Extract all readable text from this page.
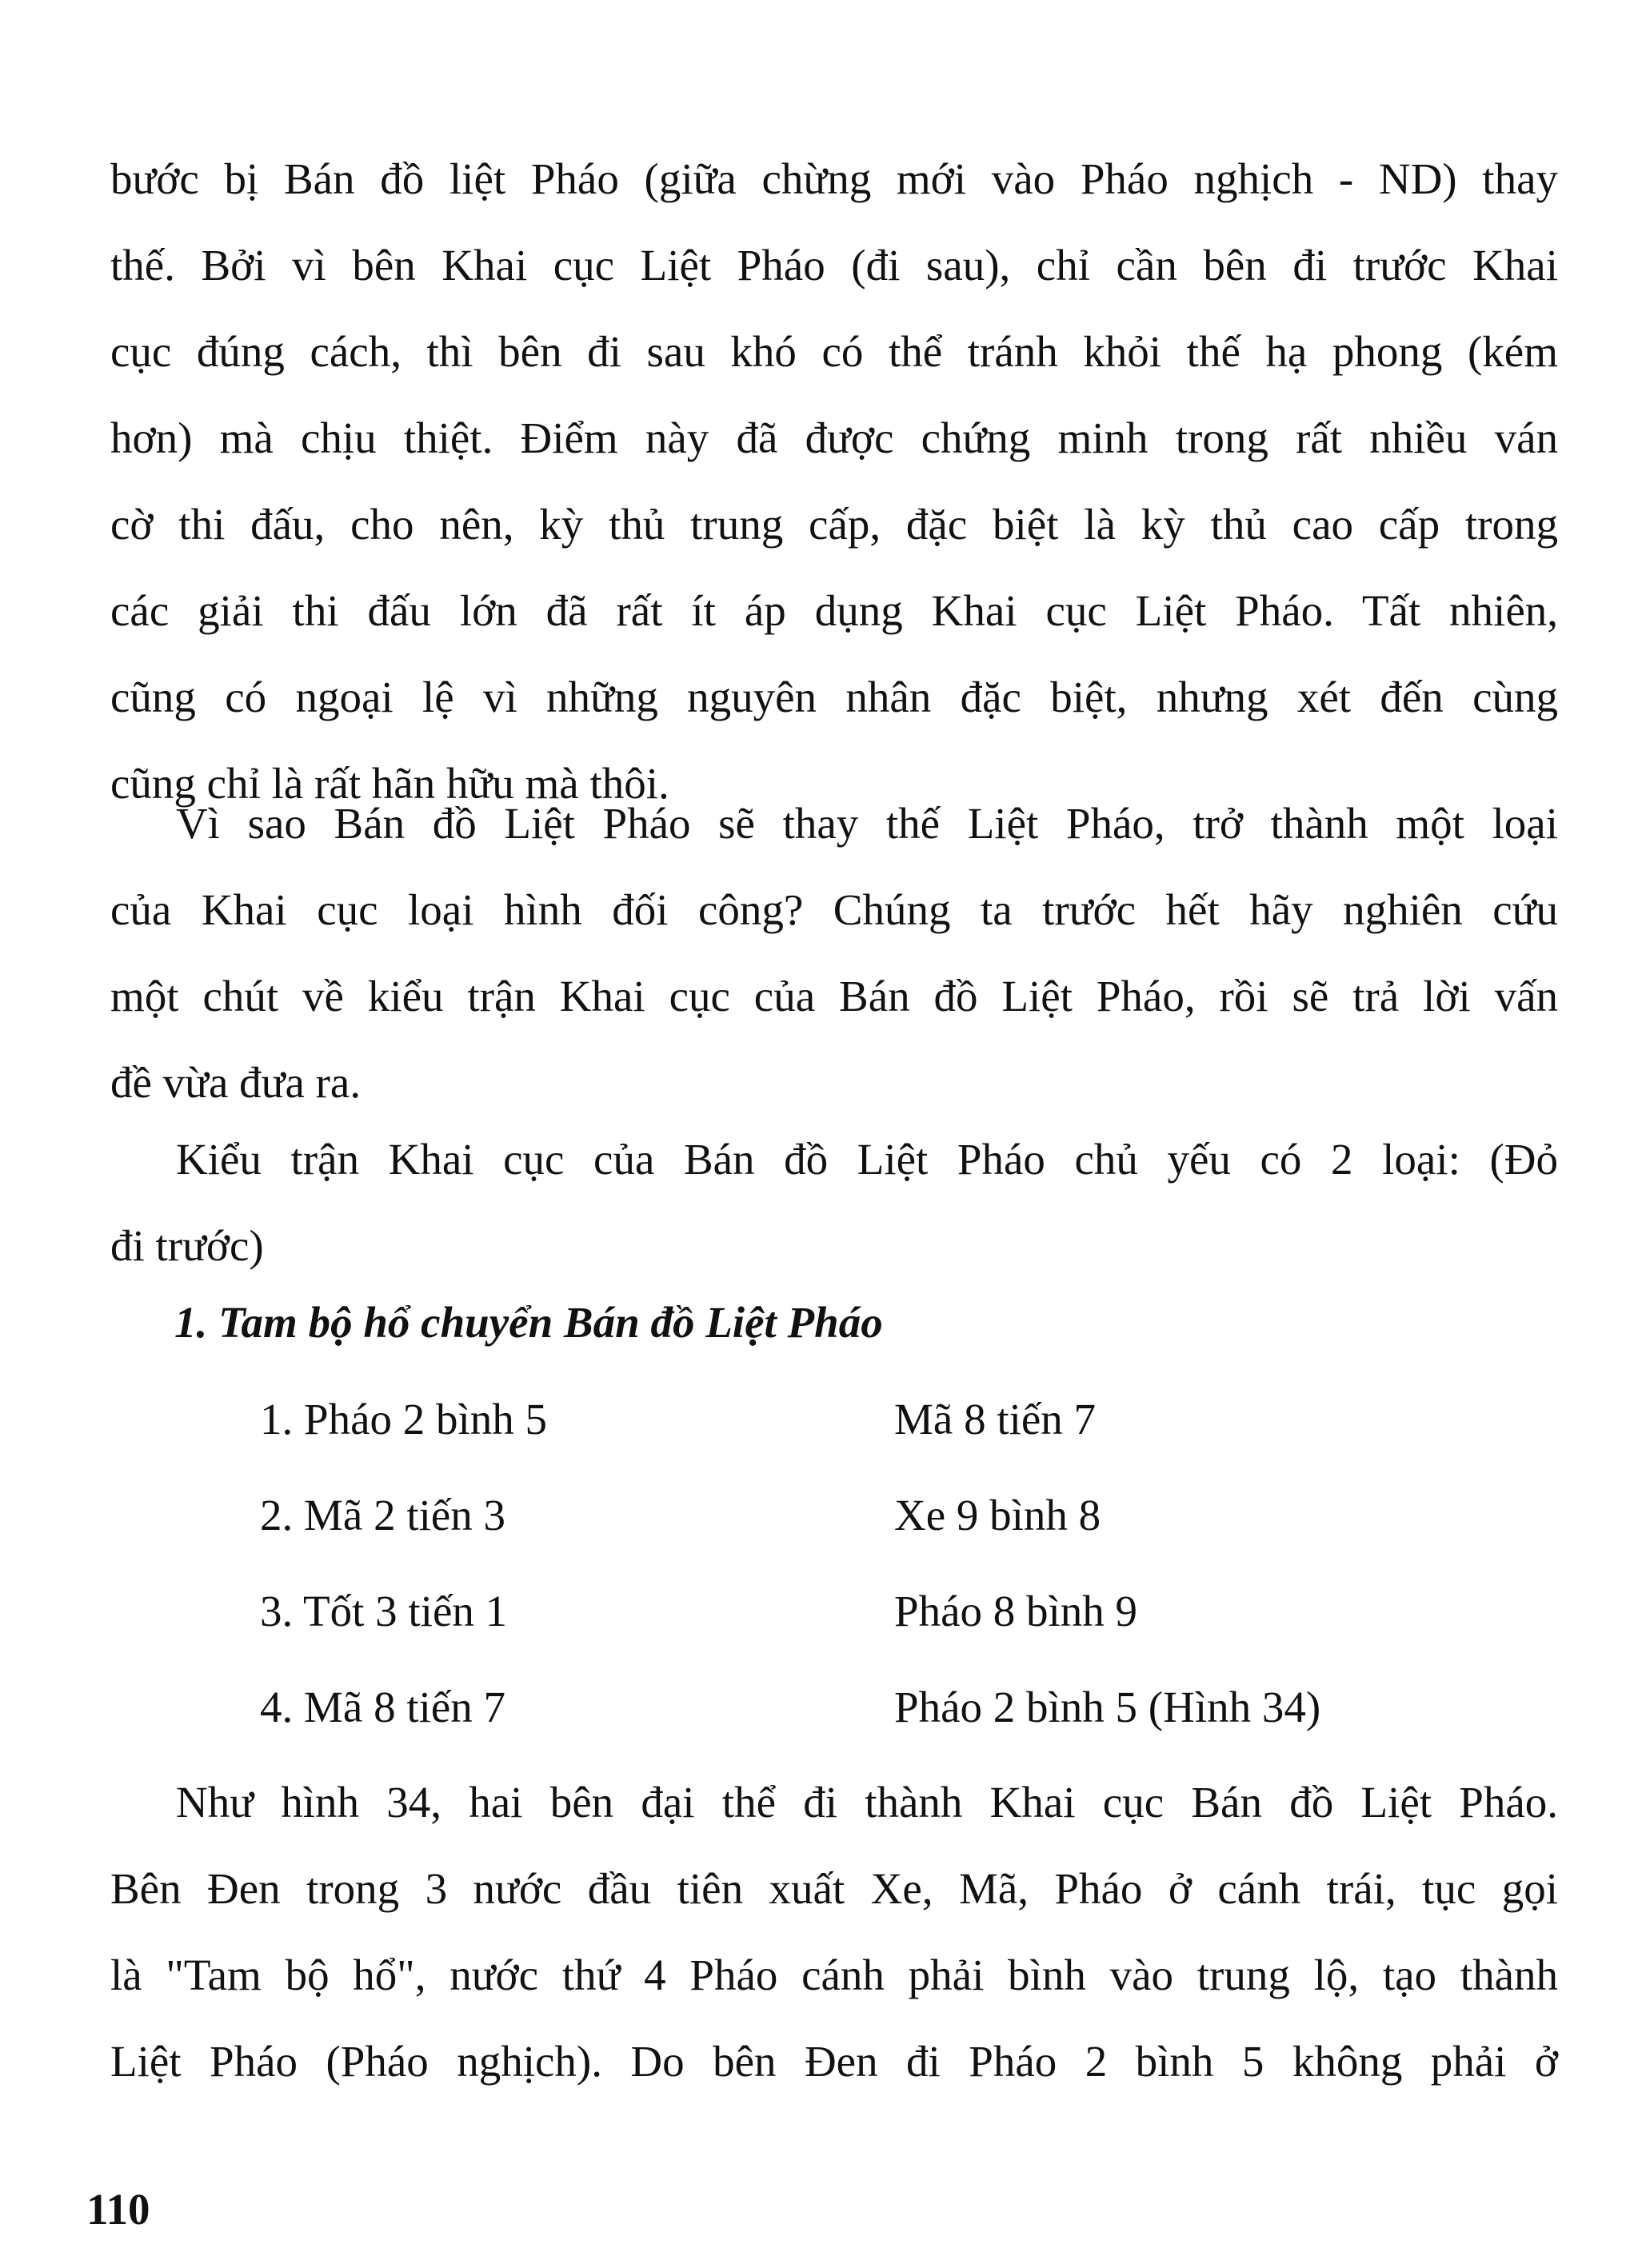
bước bị Bán đồ liệt Pháo (giữa chừng mới vào Pháo nghịch - ND) thay
thế. Bởi vì bên Khai cục Liệt Pháo (đi sau), chỉ cần bên đi trước Khai
cục đúng cách, thì bên đi sau khó có thể tránh khỏi thế hạ phong (kém
hơn) mà chịu thiệt. Điểm này đã được chứng minh trong rất nhiều ván
cờ thi đấu, cho nên, kỳ thủ trung cấp, đặc biệt là kỳ thủ cao cấp trong
các giải thi đấu lớn đã rất ít áp dụng Khai cục Liệt Pháo. Tất nhiên,
cũng có ngoại lệ vì những nguyên nhân đặc biệt, nhưng xét đến cùng
cũng chỉ là rất hãn hữu mà thôi.
Vì sao Bán đồ Liệt Pháo sẽ thay thế Liệt Pháo, trở thành một loại
của Khai cục loại hình đối công? Chúng ta trước hết hãy nghiên cứu
một chút về kiểu trận Khai cục của Bán đồ Liệt Pháo, rồi sẽ trả lời vấn
đề vừa đưa ra.
Kiểu trận Khai cục của Bán đồ Liệt Pháo chủ yếu có 2 loại: (Đỏ
đi trước)
1. Tam bộ hổ chuyển Bán đồ Liệt Pháo
1. Pháo 2 bình 5	Mã 8 tiến 7
2. Mã 2 tiến 3	Xe 9 bình 8
3. Tốt 3 tiến 1	Pháo 8 bình 9
4. Mã 8 tiến 7	Pháo 2 bình 5 (Hình 34)
Như hình 34, hai bên đại thể đi thành Khai cục Bán đồ Liệt Pháo.
Bên Đen trong 3 nước đầu tiên xuất Xe, Mã, Pháo ở cánh trái, tục gọi
là "Tam bộ hổ", nước thứ 4 Pháo cánh phải bình vào trung lộ, tạo thành
Liệt Pháo (Pháo nghịch). Do bên Đen đi Pháo 2 bình 5 không phải ở
110
